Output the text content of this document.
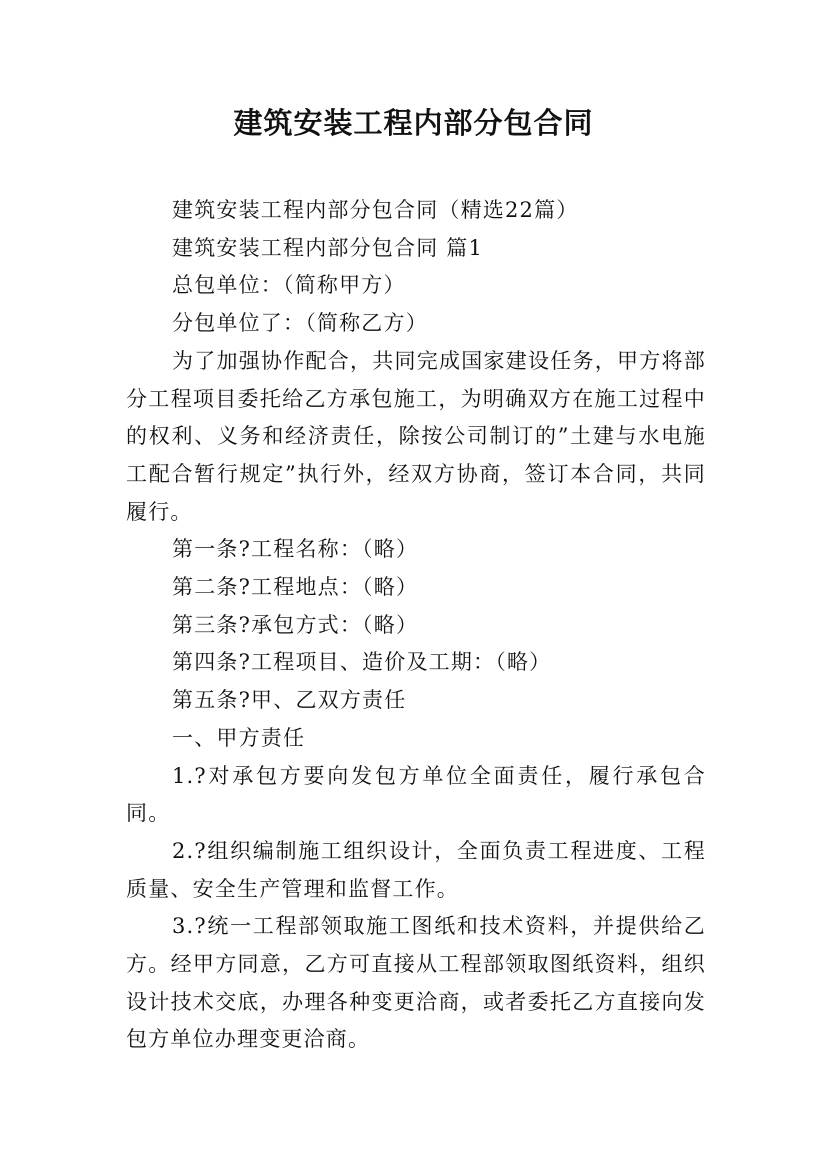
建筑安装工程内部分包合同

建筑安装工程内部分包合同（精选22篇）

建筑安装工程内部分包合同 篇1

总包单位：（简称甲方）

分包单位了：（简称乙方）

为了加强协作配合，共同完成国家建设任务，甲方将部分工程项目委托给乙方承包施工，为明确双方在施工过程中的权利、义务和经济责任，除按公司制订的”土建与水电施工配合暂行规定”执行外，经双方协商，签订本合同，共同履行。

第一条?工程名称：（略）

第二条?工程地点：（略）

第三条?承包方式：（略）

第四条?工程项目、造价及工期：（略）

第五条?甲、乙双方责任

一、甲方责任

1.?对承包方要向发包方单位全面责任，履行承包合同。

2.?组织编制施工组织设计，全面负责工程进度、工程质量、安全生产管理和监督工作。

3.?统一工程部领取施工图纸和技术资料，并提供给乙方。经甲方同意，乙方可直接从工程部领取图纸资料，组织设计技术交底，办理各种变更洽商，或者委托乙方直接向发包方单位办理变更洽商。
